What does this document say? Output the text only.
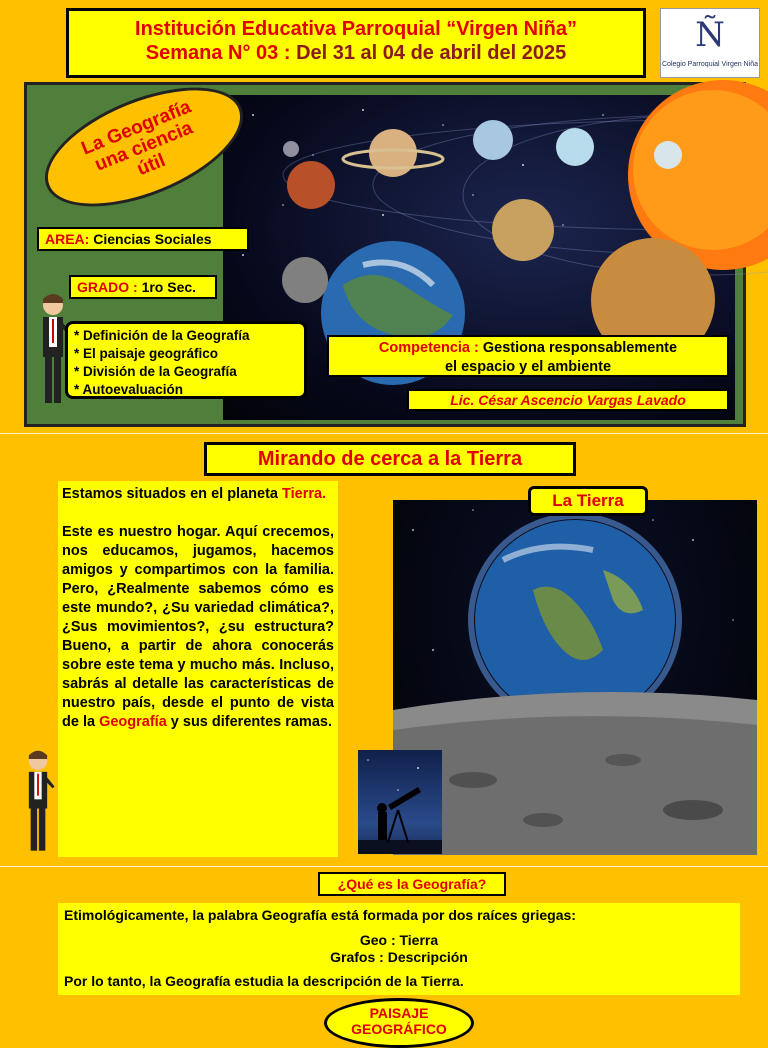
Institución Educativa Parroquial “Virgen Niña”
Semana N° 03 : Del 31 al 04 de abril del 2025	Ñ
Colegio Parroquial Virgen Niña
La Geografía
una ciencia
útil
AREA: Ciencias Sociales
GRADO : 1ro Sec.
* Definición de la Geografía
* El paisaje geográfico
* División de la Geografía
* Autoevaluación
Competencia : Gestiona responsablemente
el espacio y el ambiente
Lic. César Ascencio Vargas Lavado
Mirando de cerca a la Tierra

Estamos situados en el planeta Tierra.

Este es nuestro hogar. Aquí crecemos, nos educamos, jugamos, hacemos amigos y compartimos con la familia. Pero, ¿Realmente sabemos cómo es este mundo?, ¿Su variedad climática?, ¿Sus movimientos?, ¿su estructura? Bueno, a partir de ahora conocerás sobre este tema y mucho más. Incluso, sabrás al detalle las características de nuestro país, desde el punto de vista de la Geografía y sus diferentes ramas.

La Tierra
¿Qué es la Geografía?
Etimológicamente, la palabra Geografía está formada por dos raíces griegas:
Geo : Tierra
Grafos : Descripción
Por lo tanto, la Geografía estudia la descripción de la Tierra.
PAISAJE GEOGRÁFICO
